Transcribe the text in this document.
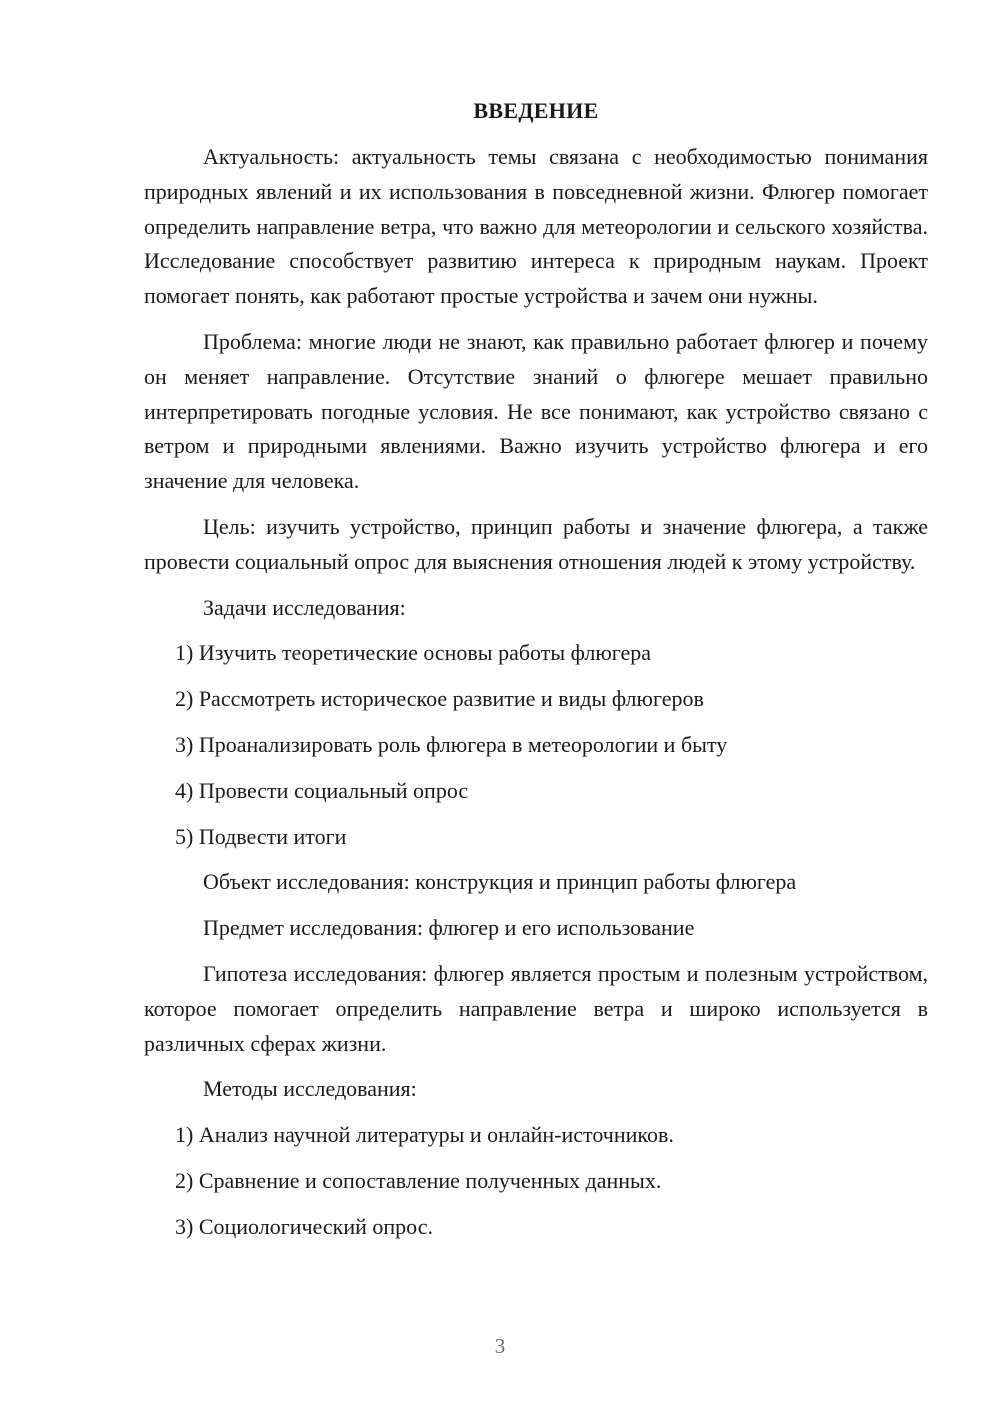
ВВЕДЕНИЕ

Актуальность: актуальность темы связана с необходимостью понимания природных явлений и их использования в повседневной жизни. Флюгер помогает определить направление ветра, что важно для метеорологии и сельского хозяйства. Исследование способствует развитию интереса к природным наукам. Проект помогает понять, как работают простые устройства и зачем они нужны.

Проблема: многие люди не знают, как правильно работает флюгер и почему он меняет направление. Отсутствие знаний о флюгере мешает правильно интерпретировать погодные условия. Не все понимают, как устройство связано с ветром и природными явлениями. Важно изучить устройство флюгера и его значение для человека.

Цель: изучить устройство, принцип работы и значение флюгера, а также провести социальный опрос для выяснения отношения людей к этому устройству.

Задачи исследования:

1) Изучить теоретические основы работы флюгера

2) Рассмотреть историческое развитие и виды флюгеров

3) Проанализировать роль флюгера в метеорологии и быту

4) Провести социальный опрос

5) Подвести итоги

Объект исследования: конструкция и принцип работы флюгера

Предмет исследования: флюгер и его использование

Гипотеза исследования: флюгер является простым и полезным устройством, которое помогает определить направление ветра и широко используется в различных сферах жизни.

Методы исследования:

1) Анализ научной литературы и онлайн-источников.

2) Сравнение и сопоставление полученных данных.

3) Социологический опрос.

3
